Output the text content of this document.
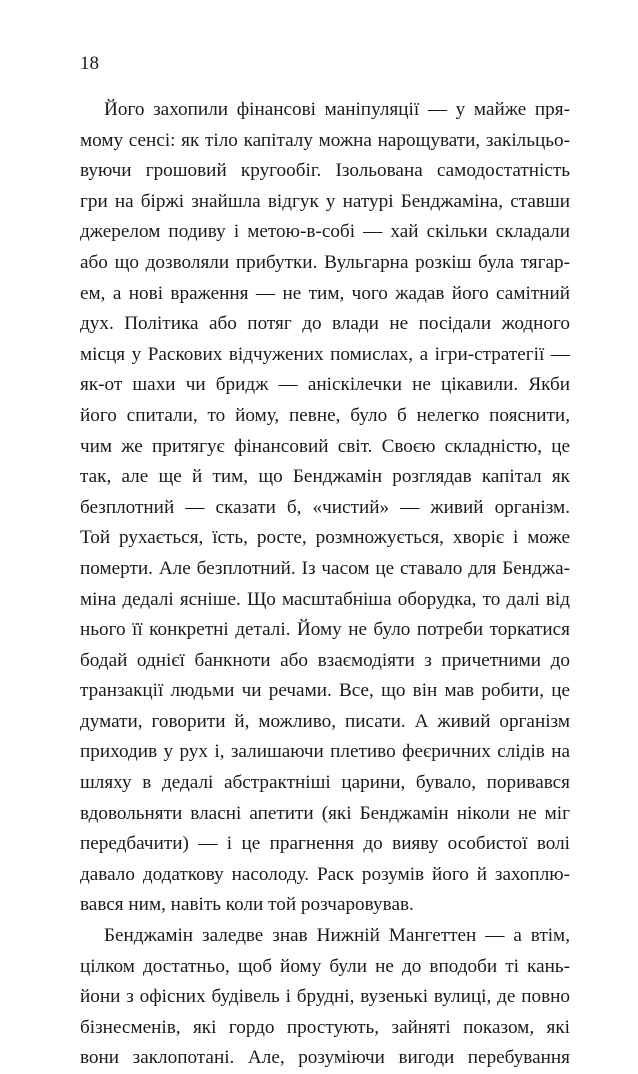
18
Його захопили фінансові маніпуляції — у майже пря-
мому сенсі: як тіло капіталу можна нарощувати, закільцьо-
вуючи грошовий кругообіг. Ізольована самодостатність
гри на біржі знайшла відгук у натурі Бенджаміна, ставши
джерелом подиву і метою-в-собі — хай скільки складали
або що дозволяли прибутки. Вульгарна розкіш була тягар-
ем, а нові враження — не тим, чого жадав його самітний
дух. Політика або потяг до влади не посідали жодного
місця у Раскових відчужених помислах, а ігри-стратегії —
як-от шахи чи бридж — аніскілечки не цікавили. Якби
його спитали, то йому, певне, було б нелегко пояснити,
чим же притягує фінансовий світ. Своєю складністю, це
так, але ще й тим, що Бенджамін розглядав капітал як
безплотний — сказати б, «чистий» — живий організм.
Той рухається, їсть, росте, розмножується, хворіє і може
померти. Але безплотний. Із часом це ставало для Бенджа-
міна дедалі ясніше. Що масштабніша оборудка, то далі від
нього її конкретні деталі. Йому не було потреби торкатися
бодай однієї банкноти або взаємодіяти з причетними до
транзакції людьми чи речами. Все, що він мав робити, це
думати, говорити й, можливо, писати. А живий організм
приходив у рух і, залишаючи плетиво феєричних слідів на
шляху в дедалі абстрактніші царини, бувало, поривався
вдовольняти власні апетити (які Бенджамін ніколи не міг
передбачити) — і це прагнення до вияву особистої волі
давало додаткову насолоду. Раск розумів його й захоплю-
вався ним, навіть коли той розчаровував.
Бенджамін заледве знав Нижній Мангеттен — а втім,
цілком достатньо, щоб йому були не до вподоби ті кань-
йони з офісних будівель і брудні, вузенькі вулиці, де повно
бізнесменів, які гордо простують, зайняті показом, які
вони заклопотані. Але, розуміючи вигоди перебування
